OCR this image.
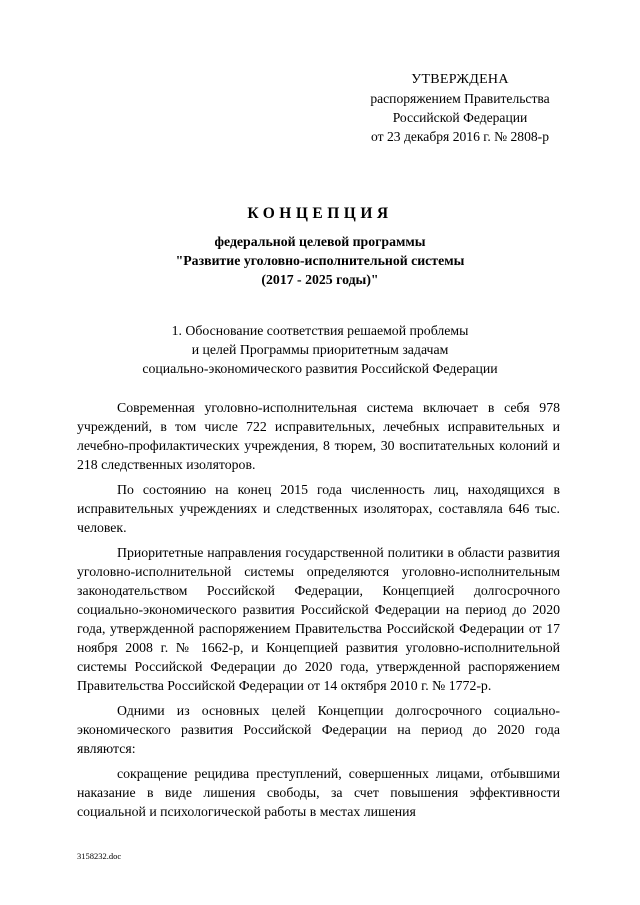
УТВЕРЖДЕНА
распоряжением Правительства
Российской Федерации
от 23 декабря 2016 г. № 2808-р
КОНЦЕПЦИЯ
федеральной целевой программы
"Развитие уголовно-исполнительной системы
(2017 - 2025 годы)"
1. Обоснование соответствия решаемой проблемы
и целей Программы приоритетным задачам
социально-экономического развития Российской Федерации

Современная уголовно-исполнительная система включает в себя 978 учреждений, в том числе 722 исправительных, лечебных исправительных и лечебно-профилактических учреждения, 8 тюрем, 30 воспитательных колоний и 218 следственных изоляторов.

По состоянию на конец 2015 года численность лиц, находящихся в исправительных учреждениях и следственных изоляторах, составляла 646 тыс. человек.

Приоритетные направления государственной политики в области развития уголовно-исполнительной системы определяются уголовно-исполнительным законодательством Российской Федерации, Концепцией долгосрочного социально-экономического развития Российской Федерации на период до 2020 года, утвержденной распоряжением Правительства Российской Федерации от 17 ноября 2008 г. № 1662-р, и Концепцией развития уголовно-исполнительной системы Российской Федерации до 2020 года, утвержденной распоряжением Правительства Российской Федерации от 14 октября 2010 г. № 1772-р.

Одними из основных целей Концепции долгосрочного социально-экономического развития Российской Федерации на период до 2020 года являются:

сокращение рецидива преступлений, совершенных лицами, отбывшими наказание в виде лишения свободы, за счет повышения эффективности социальной и психологической работы в местах лишения

3158232.doc
